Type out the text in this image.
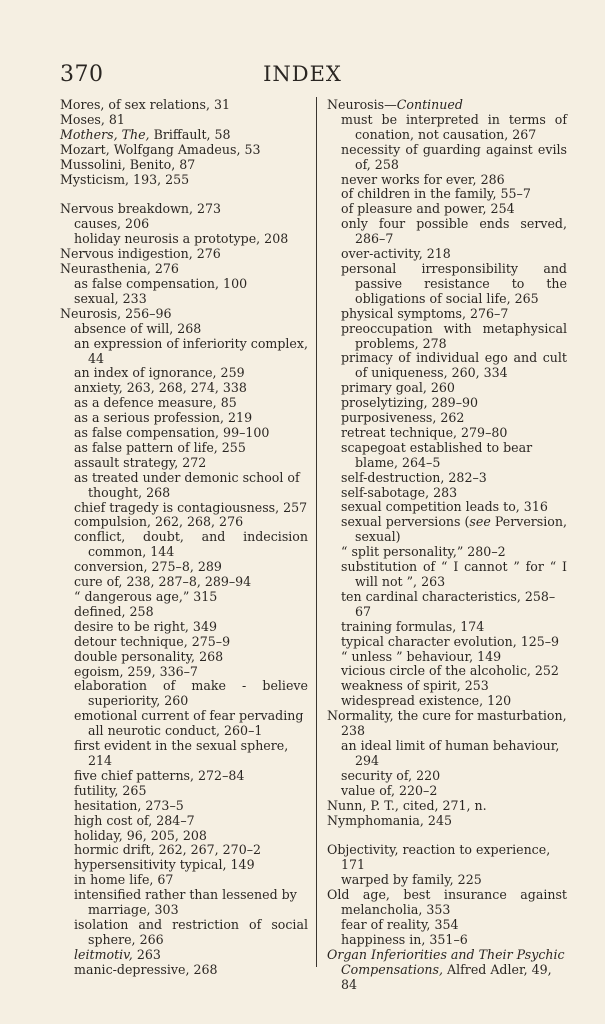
370	INDEX
Mores, of sex relations, 31
Moses, 81
Mothers, The, Briffault, 58
Mozart, Wolfgang Amadeus, 53
Mussolini, Benito, 87
Mysticism, 193, 255
Nervous breakdown, 273
causes, 206
holiday neurosis a prototype, 208
Nervous indigestion, 276
Neurasthenia, 276
as false compensation, 100
sexual, 233
Neurosis, 256–96
absence of will, 268
an expression of inferiority complex, 44
an index of ignorance, 259
anxiety, 263, 268, 274, 338
as a defence measure, 85
as a serious profession, 219
as false compensation, 99–100
as false pattern of life, 255
assault strategy, 272
as treated under demonic school of thought, 268
chief tragedy is contagiousness, 257
compulsion, 262, 268, 276
conflict, doubt, and indecision common, 144
conversion, 275–8, 289
cure of, 238, 287–8, 289–94
“ dangerous age,” 315
defined, 258
desire to be right, 349
detour technique, 275–9
double personality, 268
egoism, 259, 336–7
elaboration of make - believe superiority, 260
emotional current of fear pervading all neurotic conduct, 260–1
first evident in the sexual sphere, 214
five chief patterns, 272–84
futility, 265
hesitation, 273–5
high cost of, 284–7
holiday, 96, 205, 208
hormic drift, 262, 267, 270–2
hypersensitivity typical, 149
in home life, 67
intensified rather than lessened by marriage, 303
isolation and restriction of social sphere, 266
leitmotiv, 263
manic-depressive, 268
Neurosis—Continued
must be interpreted in terms of conation, not causation, 267
necessity of guarding against evils of, 258
never works for ever, 286
of children in the family, 55–7
of pleasure and power, 254
only four possible ends served, 286–7
over-activity, 218
personal irresponsibility and passive resistance to the obligations of social life, 265
physical symptoms, 276–7
preoccupation with metaphysical problems, 278
primacy of individual ego and cult of uniqueness, 260, 334
primary goal, 260
proselytizing, 289–90
purposiveness, 262
retreat technique, 279–80
scapegoat established to bear blame, 264–5
self-destruction, 282–3
self-sabotage, 283
sexual competition leads to, 316
sexual perversions (see Perversion, sexual)
“ split personality,” 280–2
substitution of “ I cannot ” for “ I will not ”, 263
ten cardinal characteristics, 258–67
training formulas, 174
typical character evolution, 125–9
“ unless ” behaviour, 149
vicious circle of the alcoholic, 252
weakness of spirit, 253
widespread existence, 120
Normality, the cure for masturbation, 238
an ideal limit of human behaviour, 294
security of, 220
value of, 220–2
Nunn, P. T., cited, 271, n.
Nymphomania, 245
Objectivity, reaction to experience, 171
warped by family, 225
Old age, best insurance against melancholia, 353
fear of reality, 354
happiness in, 351–6
Organ Inferiorities and Their Psychic Compensations, Alfred Adler, 49, 84
